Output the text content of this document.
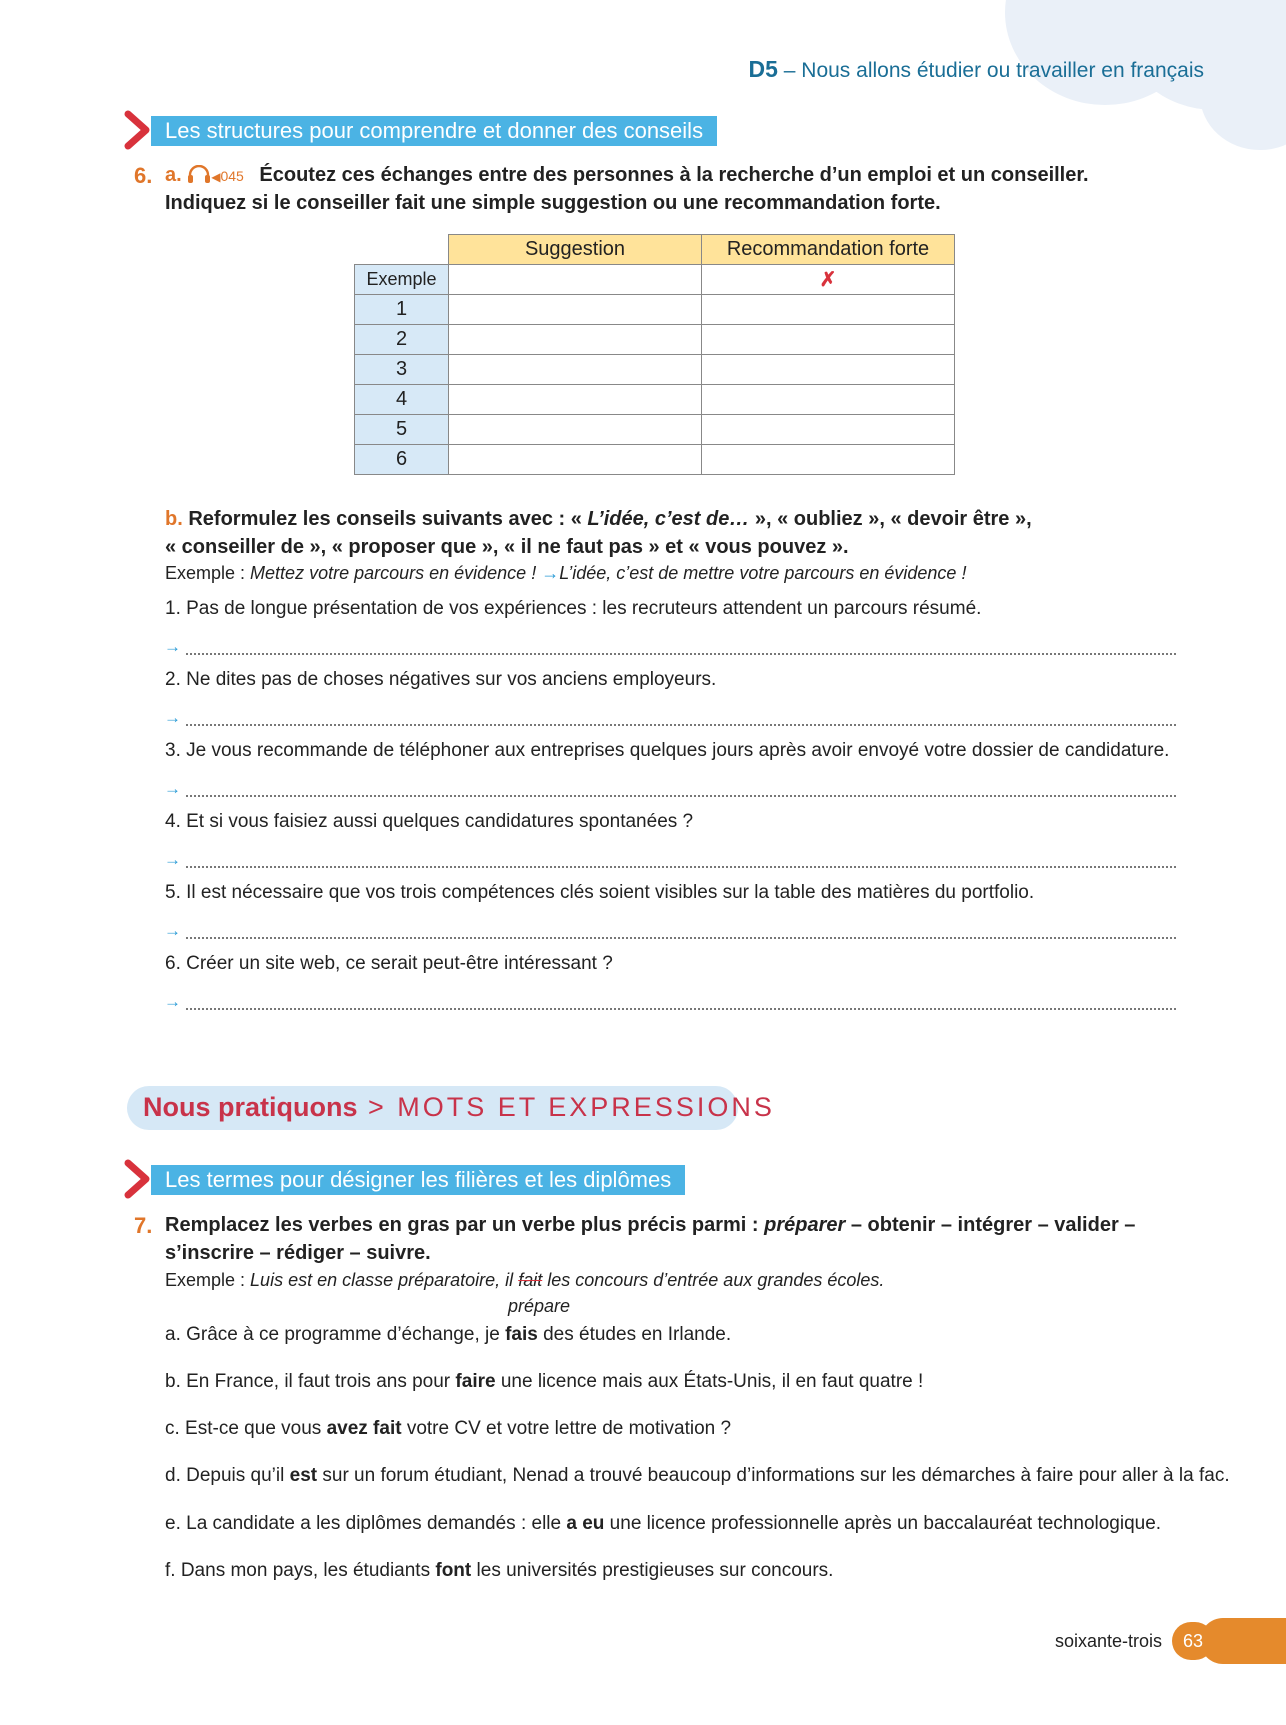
D5 – Nous allons étudier ou travailler en français
Les structures pour comprendre et donner des conseils
6. a. ◀045 Écoutez ces échanges entre des personnes à la recherche d’un emploi et un conseiller.
Indiquez si le conseiller fait une simple suggestion ou une recommandation forte.
	Suggestion	Recommandation forte
Exemple		✗
1		
2		
3		
4		
5		
6		
b. Reformulez les conseils suivants avec : « L’idée, c’est de… », « oubliez », « devoir être »,
« conseiller de », « proposer que », « il ne faut pas » et « vous pouvez ».
Exemple : Mettez votre parcours en évidence ! →L’idée, c’est de mettre votre parcours en évidence !
1. Pas de longue présentation de vos expériences : les recruteurs attendent un parcours résumé.
→
2. Ne dites pas de choses négatives sur vos anciens employeurs.
→
3. Je vous recommande de téléphoner aux entreprises quelques jours après avoir envoyé votre dossier de candidature.
→
4. Et si vous faisiez aussi quelques candidatures spontanées ?
→
5. Il est nécessaire que vos trois compétences clés soient visibles sur la table des matières du portfolio.
→
6. Créer un site web, ce serait peut-être intéressant ?
→
Nous pratiquons > MOTS ET EXPRESSIONS
Les termes pour désigner les filières et les diplômes
7. Remplacez les verbes en gras par un verbe plus précis parmi : préparer – obtenir – intégrer – valider –
s’inscrire – rédiger – suivre.
Exemple : Luis est en classe préparatoire, il fait les concours d’entrée aux grandes écoles.
prépare
a. Grâce à ce programme d’échange, je fais des études en Irlande.
b. En France, il faut trois ans pour faire une licence mais aux États-Unis, il en faut quatre !
c. Est-ce que vous avez fait votre CV et votre lettre de motivation ?
d. Depuis qu’il est sur un forum étudiant, Nenad a trouvé beaucoup d’informations sur les démarches à faire pour aller à la fac.
e. La candidate a les diplômes demandés : elle a eu une licence professionnelle après un baccalauréat technologique.
f. Dans mon pays, les étudiants font les universités prestigieuses sur concours.
soixante-trois	63
